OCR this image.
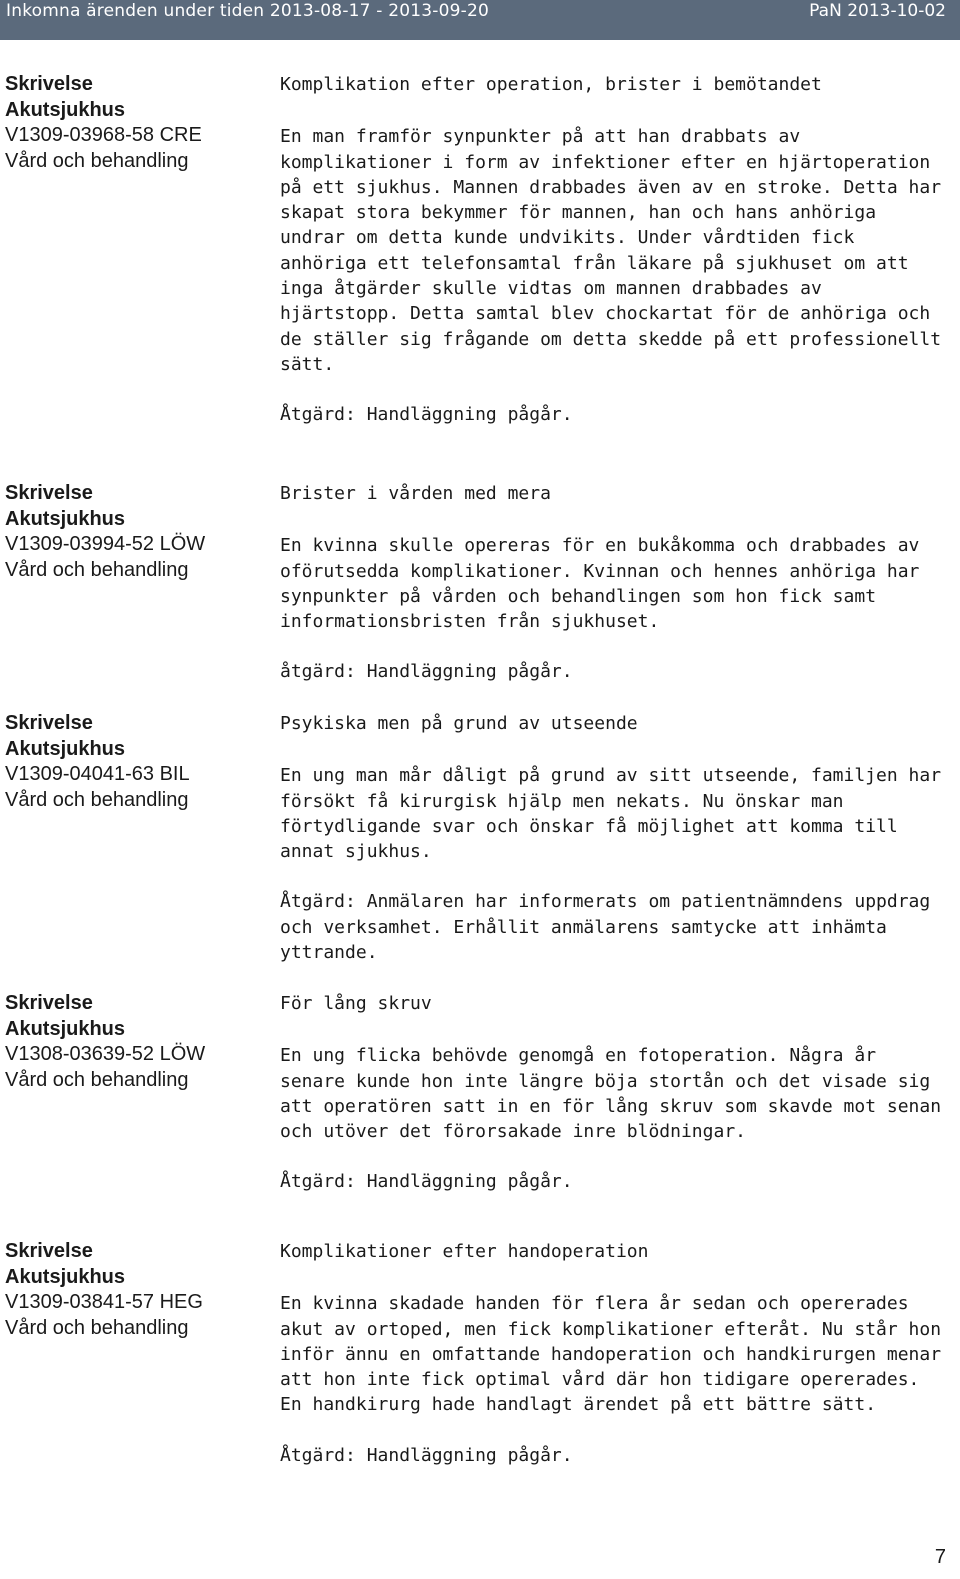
Inkomna ärenden under tiden 2013-08-17 - 2013-09-20	PaN 2013-10-02
Skrivelse
Akutsjukhus
V1309-03968-58 CRE
Vård och behandling

Komplikation efter operation, brister i bemötandet

En man framför synpunkter på att han drabbats av komplikationer i form av infektioner efter en hjärtoperation på ett sjukhus. Mannen drabbades även av en stroke. Detta har skapat stora bekymmer för mannen, han och hans anhöriga undrar om detta kunde undvikits. Under vårdtiden fick anhöriga ett telefonsamtal från läkare på sjukhuset om att inga åtgärder skulle vidtas om mannen drabbades av hjärtstopp. Detta samtal blev chockartat för de anhöriga och de ställer sig frågande om detta skedde på ett professionellt sätt.

Åtgärd: Handläggning pågår.

Skrivelse
Akutsjukhus
V1309-03994-52 LÖW
Vård och behandling

Brister i vården med mera

En kvinna skulle opereras för en bukåkomma och drabbades av oförutsedda komplikationer. Kvinnan och hennes anhöriga har synpunkter på vården och behandlingen som hon fick samt informationsbristen från sjukhuset.

åtgärd: Handläggning pågår.

Skrivelse
Akutsjukhus
V1309-04041-63 BIL
Vård och behandling

Psykiska men på grund av utseende

En ung man mår dåligt på grund av sitt utseende, familjen har försökt få kirurgisk hjälp men nekats. Nu önskar man förtydligande svar och önskar få möjlighet att komma till annat sjukhus.

Åtgärd: Anmälaren har informerats om patientnämndens uppdrag och verksamhet. Erhållit anmälarens samtycke att inhämta yttrande.

Skrivelse
Akutsjukhus
V1308-03639-52 LÖW
Vård och behandling

För lång skruv

En ung flicka behövde genomgå en fotoperation. Några år senare kunde hon inte längre böja stortån och det visade sig att operatören satt in en för lång skruv som skavde mot senan och utöver det förorsakade inre blödningar.

Åtgärd: Handläggning pågår.

Skrivelse
Akutsjukhus
V1309-03841-57 HEG
Vård och behandling

Komplikationer efter handoperation

En kvinna skadade handen för flera år sedan och opererades akut av ortoped, men fick komplikationer efteråt. Nu står hon inför ännu en omfattande handoperation och handkirurgen menar att hon inte fick optimal vård där hon tidigare opererades. En handkirurg hade handlagt ärendet på ett bättre sätt.

Åtgärd: Handläggning pågår.

7
